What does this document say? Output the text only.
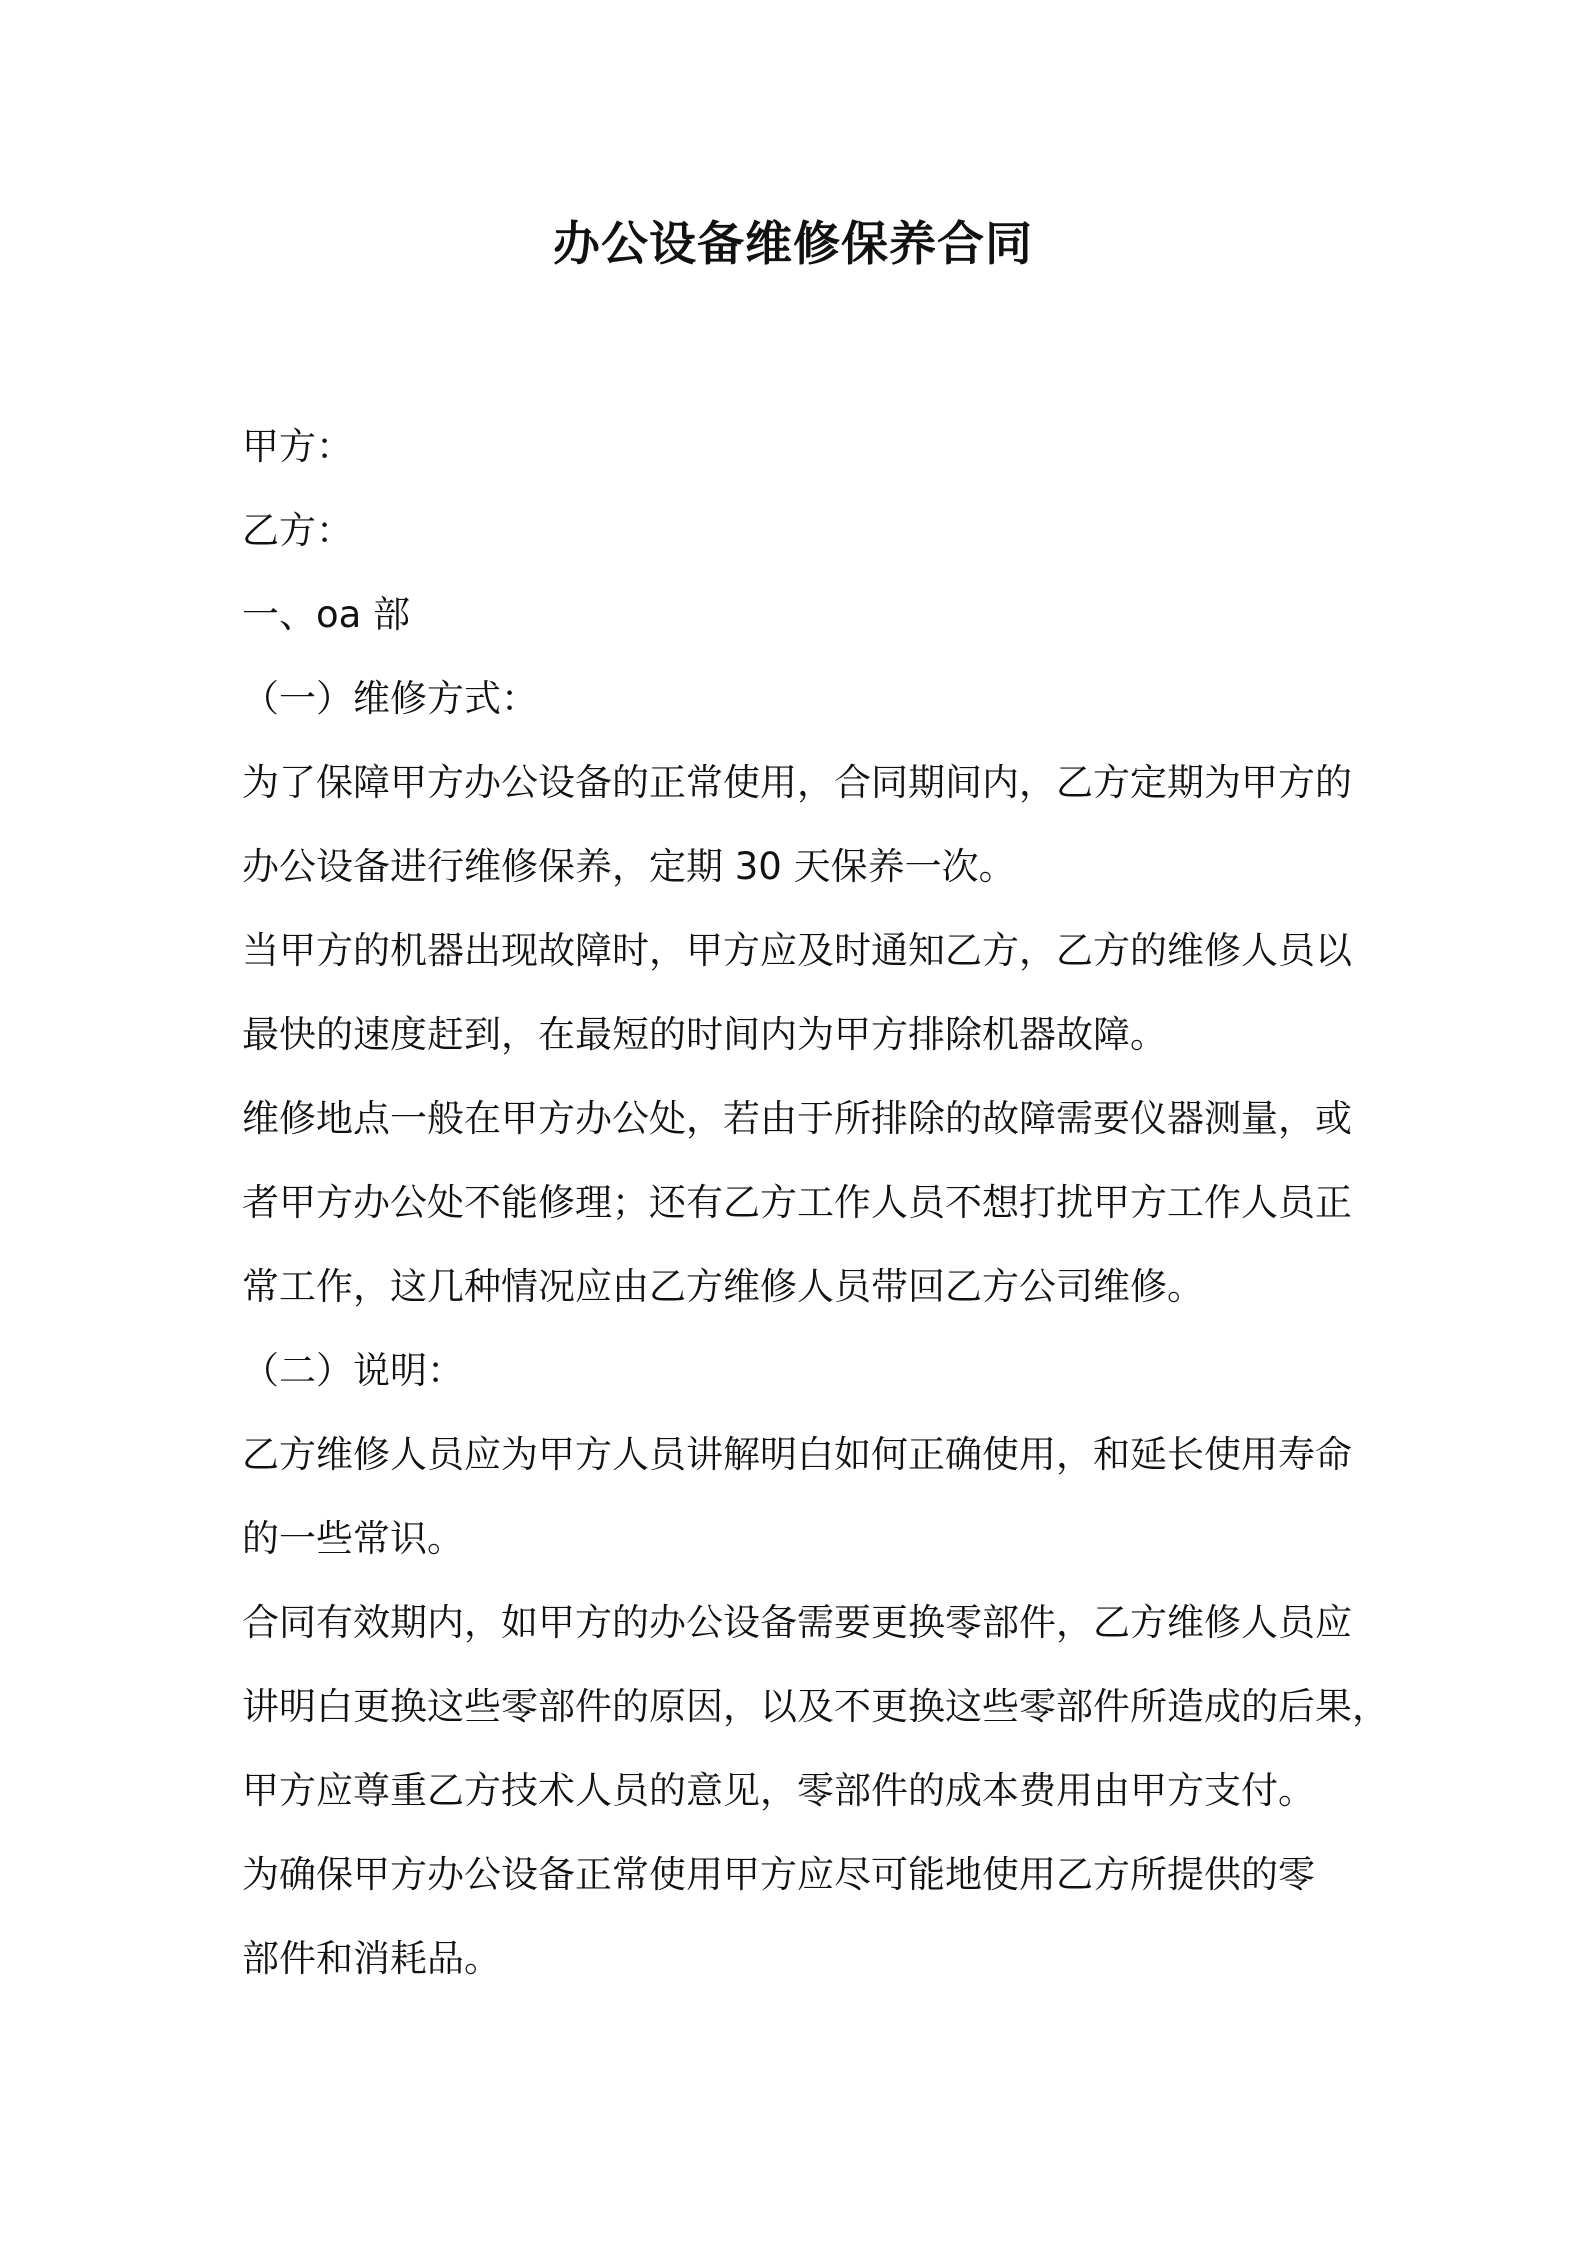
办公设备维修保养合同

甲方：

乙方：

一、oa 部

（一）维修方式：

为了保障甲方办公设备的正常使用，合同期间内，乙方定期为甲方的

办公设备进行维修保养，定期 30 天保养一次。

当甲方的机器出现故障时，甲方应及时通知乙方，乙方的维修人员以

最快的速度赶到，在最短的时间内为甲方排除机器故障。

维修地点一般在甲方办公处，若由于所排除的故障需要仪器测量，或

者甲方办公处不能修理；还有乙方工作人员不想打扰甲方工作人员正

常工作，这几种情况应由乙方维修人员带回乙方公司维修。

（二）说明：

乙方维修人员应为甲方人员讲解明白如何正确使用，和延长使用寿命

的一些常识。

合同有效期内，如甲方的办公设备需要更换零部件，乙方维修人员应

讲明白更换这些零部件的原因，以及不更换这些零部件所造成的后果，

甲方应尊重乙方技术人员的意见，零部件的成本费用由甲方支付。

为确保甲方办公设备正常使用甲方应尽可能地使用乙方所提供的零

部件和消耗品。
